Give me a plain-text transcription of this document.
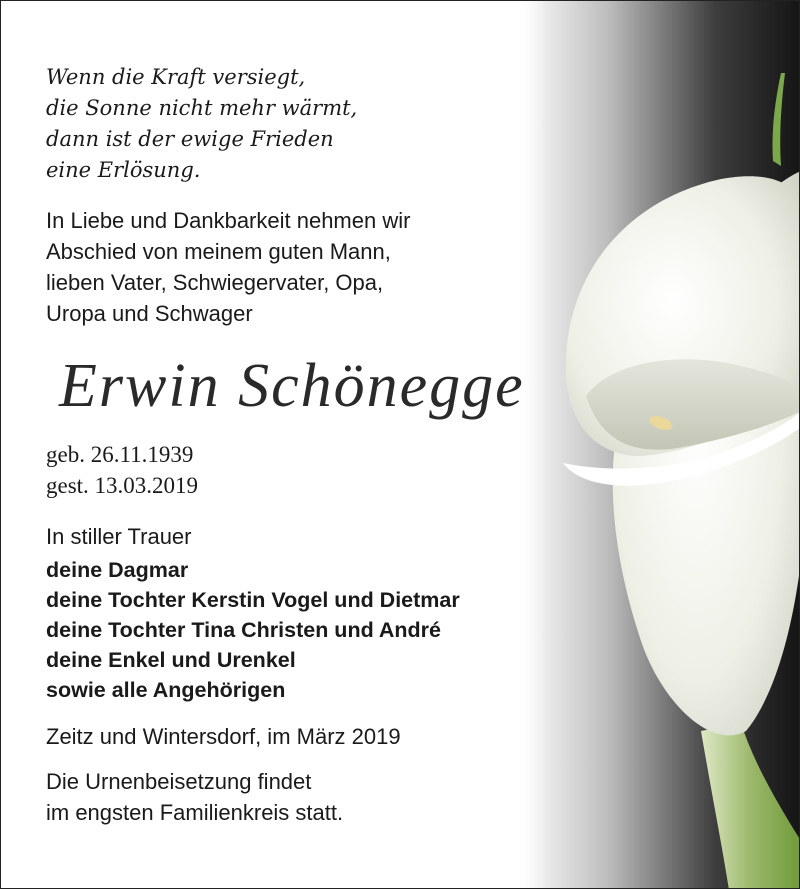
Wenn die Kraft versiegt,
die Sonne nicht mehr wärmt,
dann ist der ewige Frieden
eine Erlösung.
In Liebe und Dankbarkeit nehmen wir
Abschied von meinem guten Mann,
lieben Vater, Schwiegervater, Opa,
Uropa und Schwager
Erwin Schönegge
geb. 26.11.1939
gest. 13.03.2019
In stiller Trauer
deine Dagmar
deine Tochter Kerstin Vogel und Dietmar
deine Tochter Tina Christen und André
deine Enkel und Urenkel
sowie alle Angehörigen
Zeitz und Wintersdorf, im März 2019
Die Urnenbeisetzung findet
im engsten Familienkreis statt.
